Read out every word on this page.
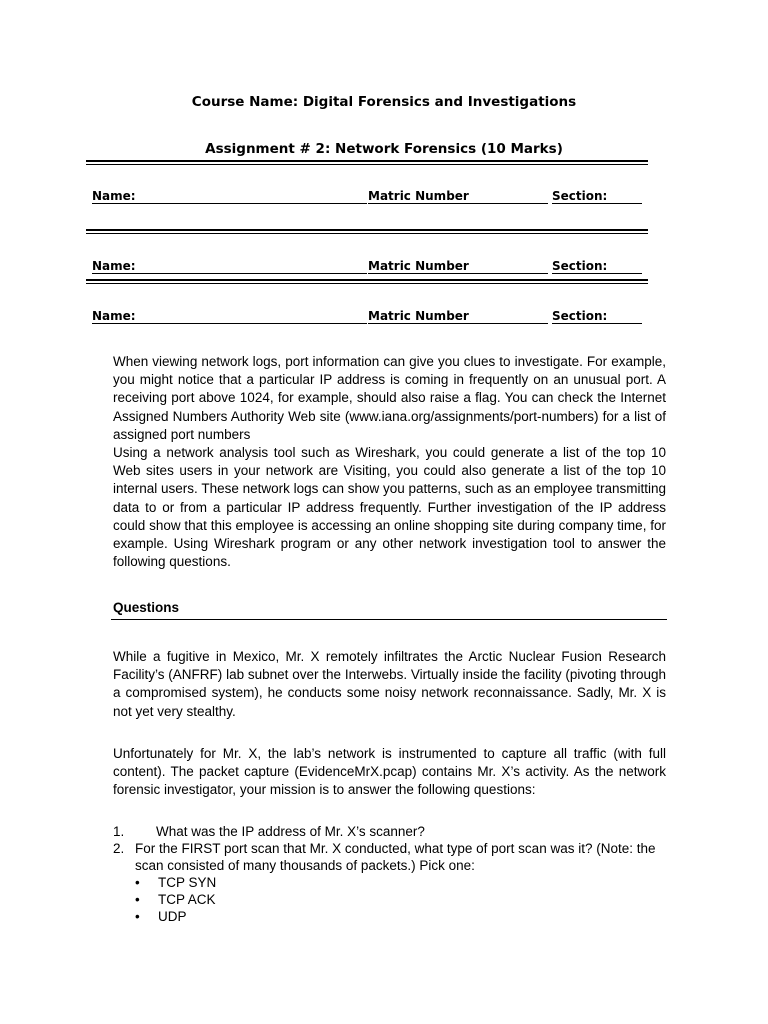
Course Name: Digital Forensics and Investigations
Assignment # 2: Network Forensics (10 Marks)
Name:	Matric Number	Section:
Name:	Matric Number	Section:
Name:	Matric Number	Section:

When viewing network logs, port information can give you clues to investigate. For example, you might notice that a particular IP address is coming in frequently on an unusual port. A receiving port above 1024, for example, should also raise a flag. You can check the Internet Assigned Numbers Authority Web site (www.iana.org/assignments/port-numbers) for a list of assigned port numbers

Using a network analysis tool such as Wireshark, you could generate a list of the top 10 Web sites users in your network are Visiting, you could also generate a list of the top 10 internal users. These network logs can show you patterns, such as an employee transmitting data to or from a particular IP address frequently. Further investigation of the IP address could show that this employee is accessing an online shopping site during company time, for example. Using Wireshark program or any other network investigation tool to answer the following questions.

Questions

While a fugitive in Mexico, Mr. X remotely infiltrates the Arctic Nuclear Fusion Research Facility’s (ANFRF) lab subnet over the Interwebs. Virtually inside the facility (pivoting through a compromised system), he conducts some noisy network reconnaissance. Sadly, Mr. X is not yet very stealthy.

Unfortunately for Mr. X, the lab’s network is instrumented to capture all traffic (with full content). The packet capture (EvidenceMrX.pcap) contains Mr. X’s activity. As the network forensic investigator, your mission is to answer the following questions:

1. What was the IP address of Mr. X’s scanner?
2. For the FIRST port scan that Mr. X conducted, what type of port scan was it? (Note: the scan consisted of many thousands of packets.) Pick one:
• TCP SYN
• TCP ACK
• UDP
